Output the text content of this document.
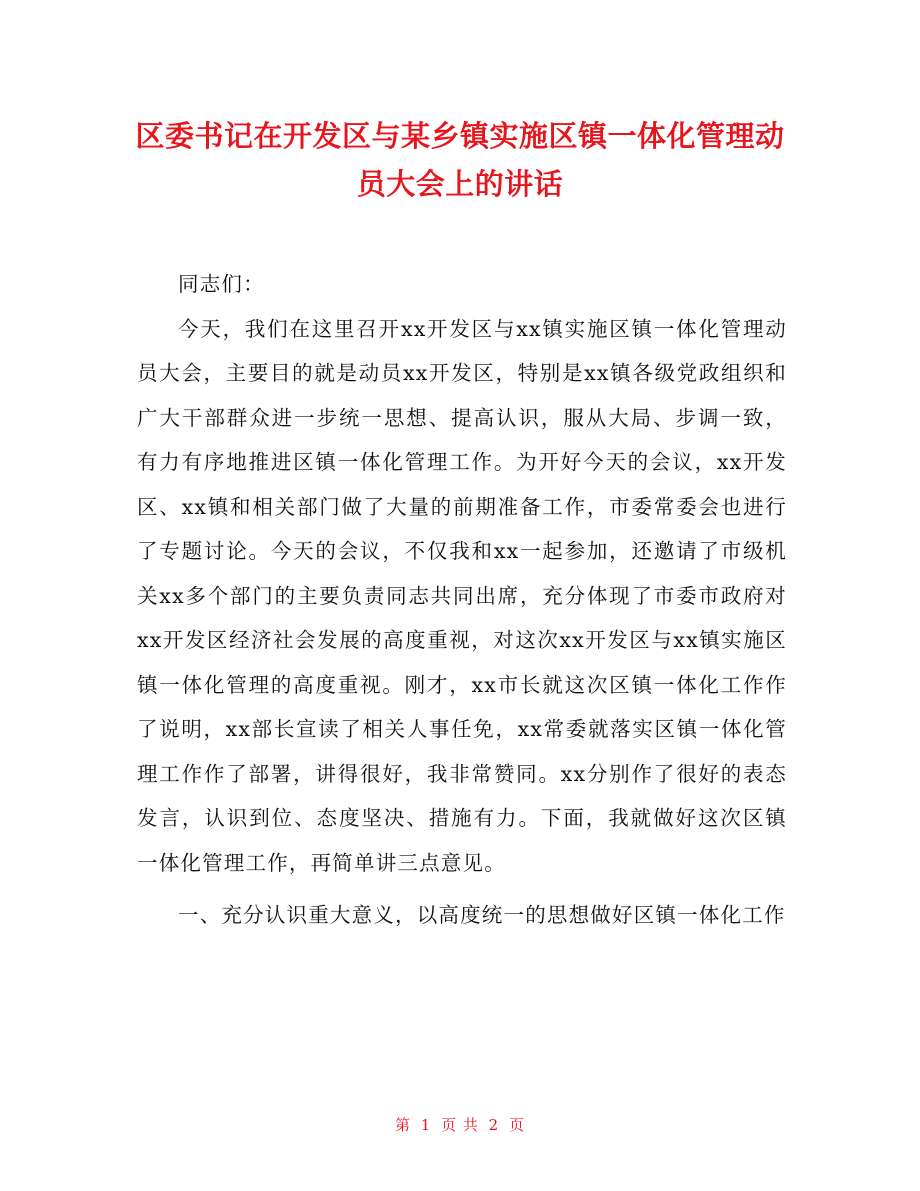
区委书记在开发区与某乡镇实施区镇一体化管理动员大会上的讲话

同志们：

今天，我们在这里召开xx开发区与xx镇实施区镇一体化管理动员大会，主要目的就是动员xx开发区，特别是xx镇各级党政组织和广大干部群众进一步统一思想、提高认识，服从大局、步调一致，有力有序地推进区镇一体化管理工作。为开好今天的会议，xx开发区、xx镇和相关部门做了大量的前期准备工作，市委常委会也进行了专题讨论。今天的会议，不仅我和xx一起参加，还邀请了市级机关xx多个部门的主要负责同志共同出席，充分体现了市委市政府对xx开发区经济社会发展的高度重视，对这次xx开发区与xx镇实施区镇一体化管理的高度重视。刚才，xx市长就这次区镇一体化工作作了说明，xx部长宣读了相关人事任免，xx常委就落实区镇一体化管理工作作了部署，讲得很好，我非常赞同。xx分别作了很好的表态发言，认识到位、态度坚决、措施有力。下面，我就做好这次区镇一体化管理工作，再简单讲三点意见。

一、充分认识重大意义，以高度统一的思想做好区镇一体化工作

第 1 页 共 2 页
